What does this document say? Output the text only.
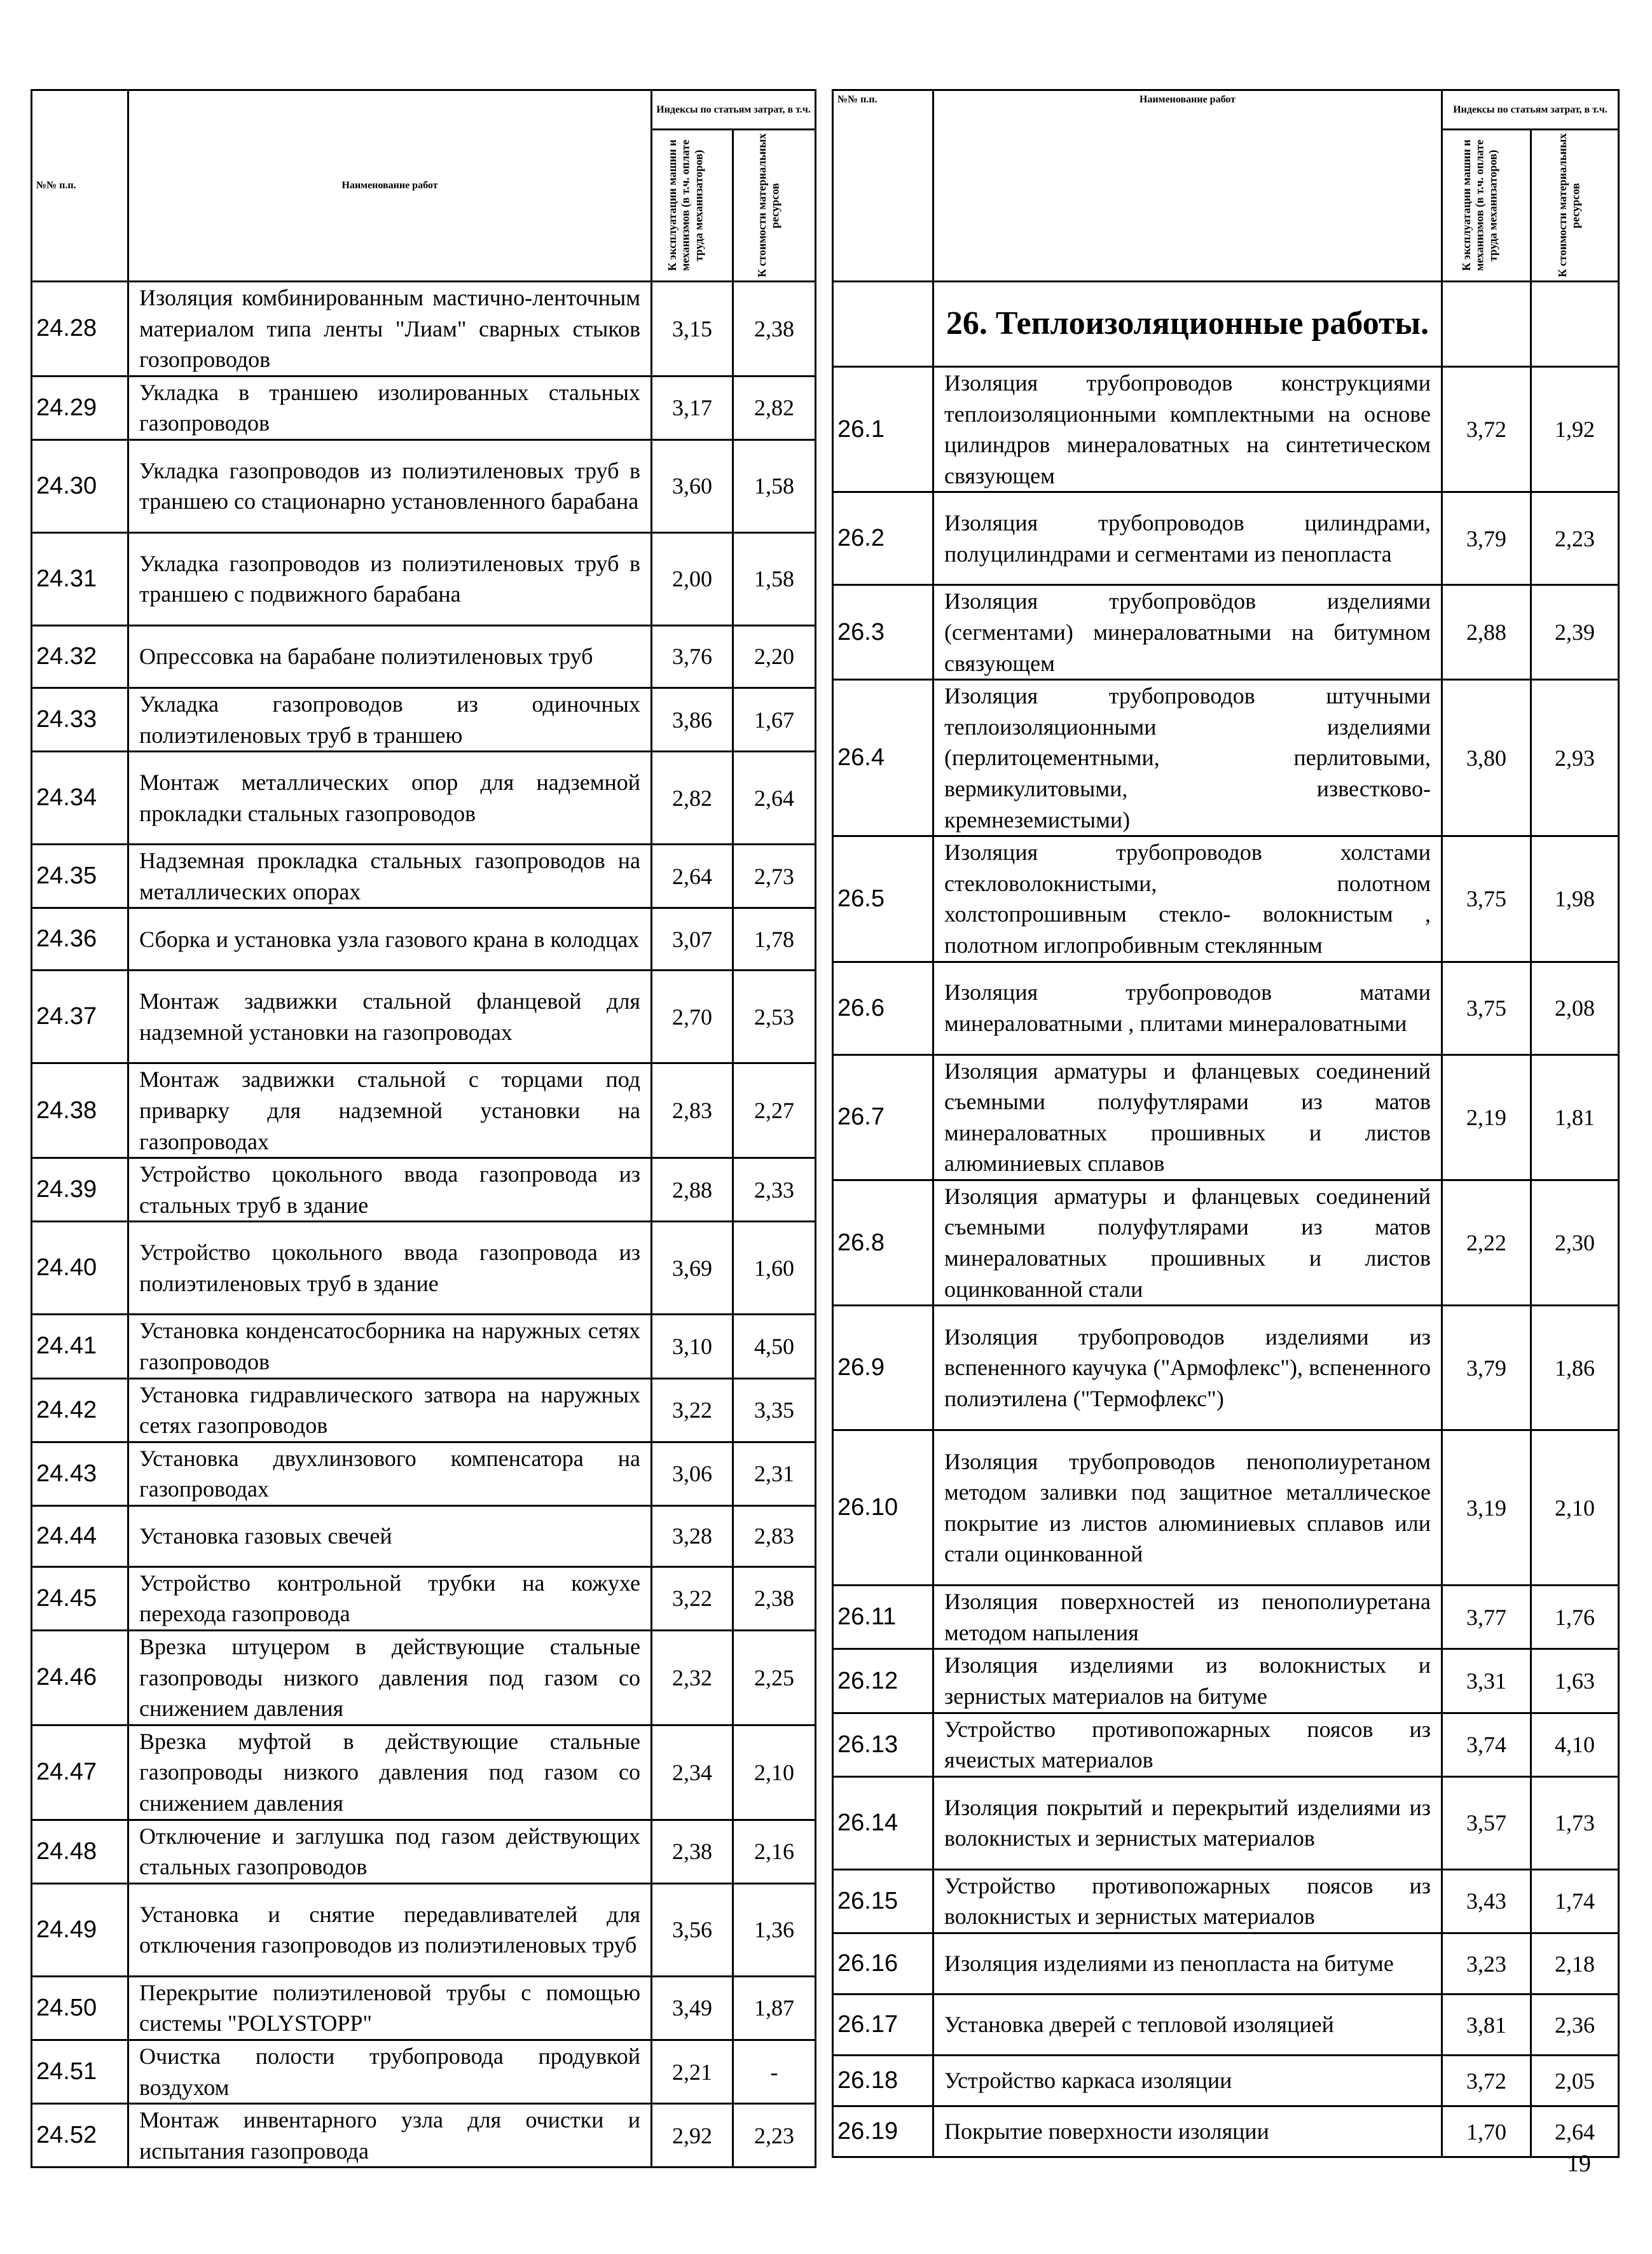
№№ п.п.	Наименование работ	Индексы по статьям затрат, в т.ч.	

		К эксплуатации машин и механизмов (в т.ч. оплате труда механизаторов)	К стоимости материальных ресурсов

24.28	Изоляция комбинированным мастично-ленточным материалом типа ленты "Лиам" сварных стыков гозопроводов	3,15	2,38
24.29	Укладка в траншею изолированных стальных газопроводов	3,17	2,82
24.30	Укладка газопроводов из полиэтиленовых труб в траншею со стационарно установленного барабана	3,60	1,58
24.31	Укладка газопроводов из полиэтиленовых труб в траншею с подвижного барабана	2,00	1,58
24.32	Опрессовка на барабане полиэтиленовых труб	3,76	2,20
24.33	Укладка газопроводов из одиночных полиэтиленовых труб в траншею	3,86	1,67
24.34	Монтаж металлических опор для надземной прокладки стальных газопроводов	2,82	2,64
24.35	Надземная прокладка стальных газопроводов на металлических опорах	2,64	2,73
24.36	Сборка и установка узла газового крана в колодцах	3,07	1,78
24.37	Монтаж задвижки стальной фланцевой для надземной установки на газопроводах	2,70	2,53
24.38	Монтаж задвижки стальной с торцами под приварку для надземной установки на газопроводах	2,83	2,27
24.39	Устройство цокольного ввода газопровода из стальных труб в здание	2,88	2,33
24.40	Устройство цокольного ввода газопровода из полиэтиленовых труб в здание	3,69	1,60
24.41	Установка конденсатосборника на наружных сетях газопроводов	3,10	4,50
24.42	Установка гидравлического затвора на наружных сетях газопроводов	3,22	3,35
24.43	Установка двухлинзового компенсатора на газопроводах	3,06	2,31
24.44	Установка газовых свечей	3,28	2,83
24.45	Устройство контрольной трубки на кожухе перехода газопровода	3,22	2,38
24.46	Врезка штуцером в действующие стальные газопроводы низкого давления под газом со снижением давления	2,32	2,25
24.47	Врезка муфтой в действующие стальные газопроводы низкого давления под газом со снижением давления	2,34	2,10
24.48	Отключение и заглушка под газом действующих стальных газопроводов	2,38	2,16
24.49	Установка и снятие передавливателей для отключения газопроводов из полиэтиленовых труб	3,56	1,36
24.50	Перекрытие полиэтиленовой трубы с помощью системы "POLYSTOPP"	3,49	1,87
24.51	Очистка полости трубопровода продувкой воздухом	2,21	-
24.52	Монтаж инвентарного узла для очистки и испытания газопровода	2,92	2,23
№№ п.п.	Наименование работ	Индексы по статьям затрат, в т.ч.	

		К эксплуатации машин и механизмов (в т.ч. оплате труда механизаторов)	К стоимости материальных ресурсов

	26. Теплоизоляционные работы.		
26.1	Изоляция трубопроводов конструкциями теплоизоляционными комплектными на основе цилиндров минераловатных на синтетическом связующем	3,72	1,92
26.2	Изоляция трубопроводов цилиндрами, полуцилиндрами и сегментами из пенопласта	3,79	2,23
26.3	Изоляция трубопровöдов изделиями (сегментами) минераловатными на битумном связующем	2,88	2,39
26.4	Изоляция трубопроводов штучными теплоизоляционными изделиями (перлитоцементными, перлитовыми, вермикулитовыми, известково-кремнеземистыми)	3,80	2,93
26.5	Изоляция трубопроводов холстами стекловолокнистыми, полотном холстопрошивным стекло- волокнистым , полотном иглопробивным стеклянным	3,75	1,98
26.6	Изоляция трубопроводов матами минераловатными , плитами минераловатными	3,75	2,08
26.7	Изоляция арматуры и фланцевых соединений съемными полуфутлярами из матов минераловатных прошивных и листов алюминиевых сплавов	2,19	1,81
26.8	Изоляция арматуры и фланцевых соединений съемными полуфутлярами из матов минераловатных прошивных и листов оцинкованной стали	2,22	2,30
26.9	Изоляция трубопроводов изделиями из вспененного каучука ("Армофлекс"), вспененного полиэтилена ("Термофлекс")	3,79	1,86
26.10	Изоляция трубопроводов пенополиуретаном методом заливки под защитное металлическое покрытие из листов алюминиевых сплавов или стали оцинкованной	3,19	2,10
26.11	Изоляция поверхностей из пенополиуретана методом напыления	3,77	1,76
26.12	Изоляция изделиями из волокнистых и зернистых материалов на битуме	3,31	1,63
26.13	Устройство противопожарных поясов из ячеистых материалов	3,74	4,10
26.14	Изоляция покрытий и перекрытий изделиями из волокнистых и зернистых материалов	3,57	1,73
26.15	Устройство противопожарных поясов из волокнистых и зернистых материалов	3,43	1,74
26.16	Изоляция изделиями из пенопласта на битуме	3,23	2,18
26.17	Установка дверей с тепловой изоляцией	3,81	2,36
26.18	Устройство каркаса изоляции	3,72	2,05
26.19	Покрытие поверхности изоляции	1,70	2,64
19
